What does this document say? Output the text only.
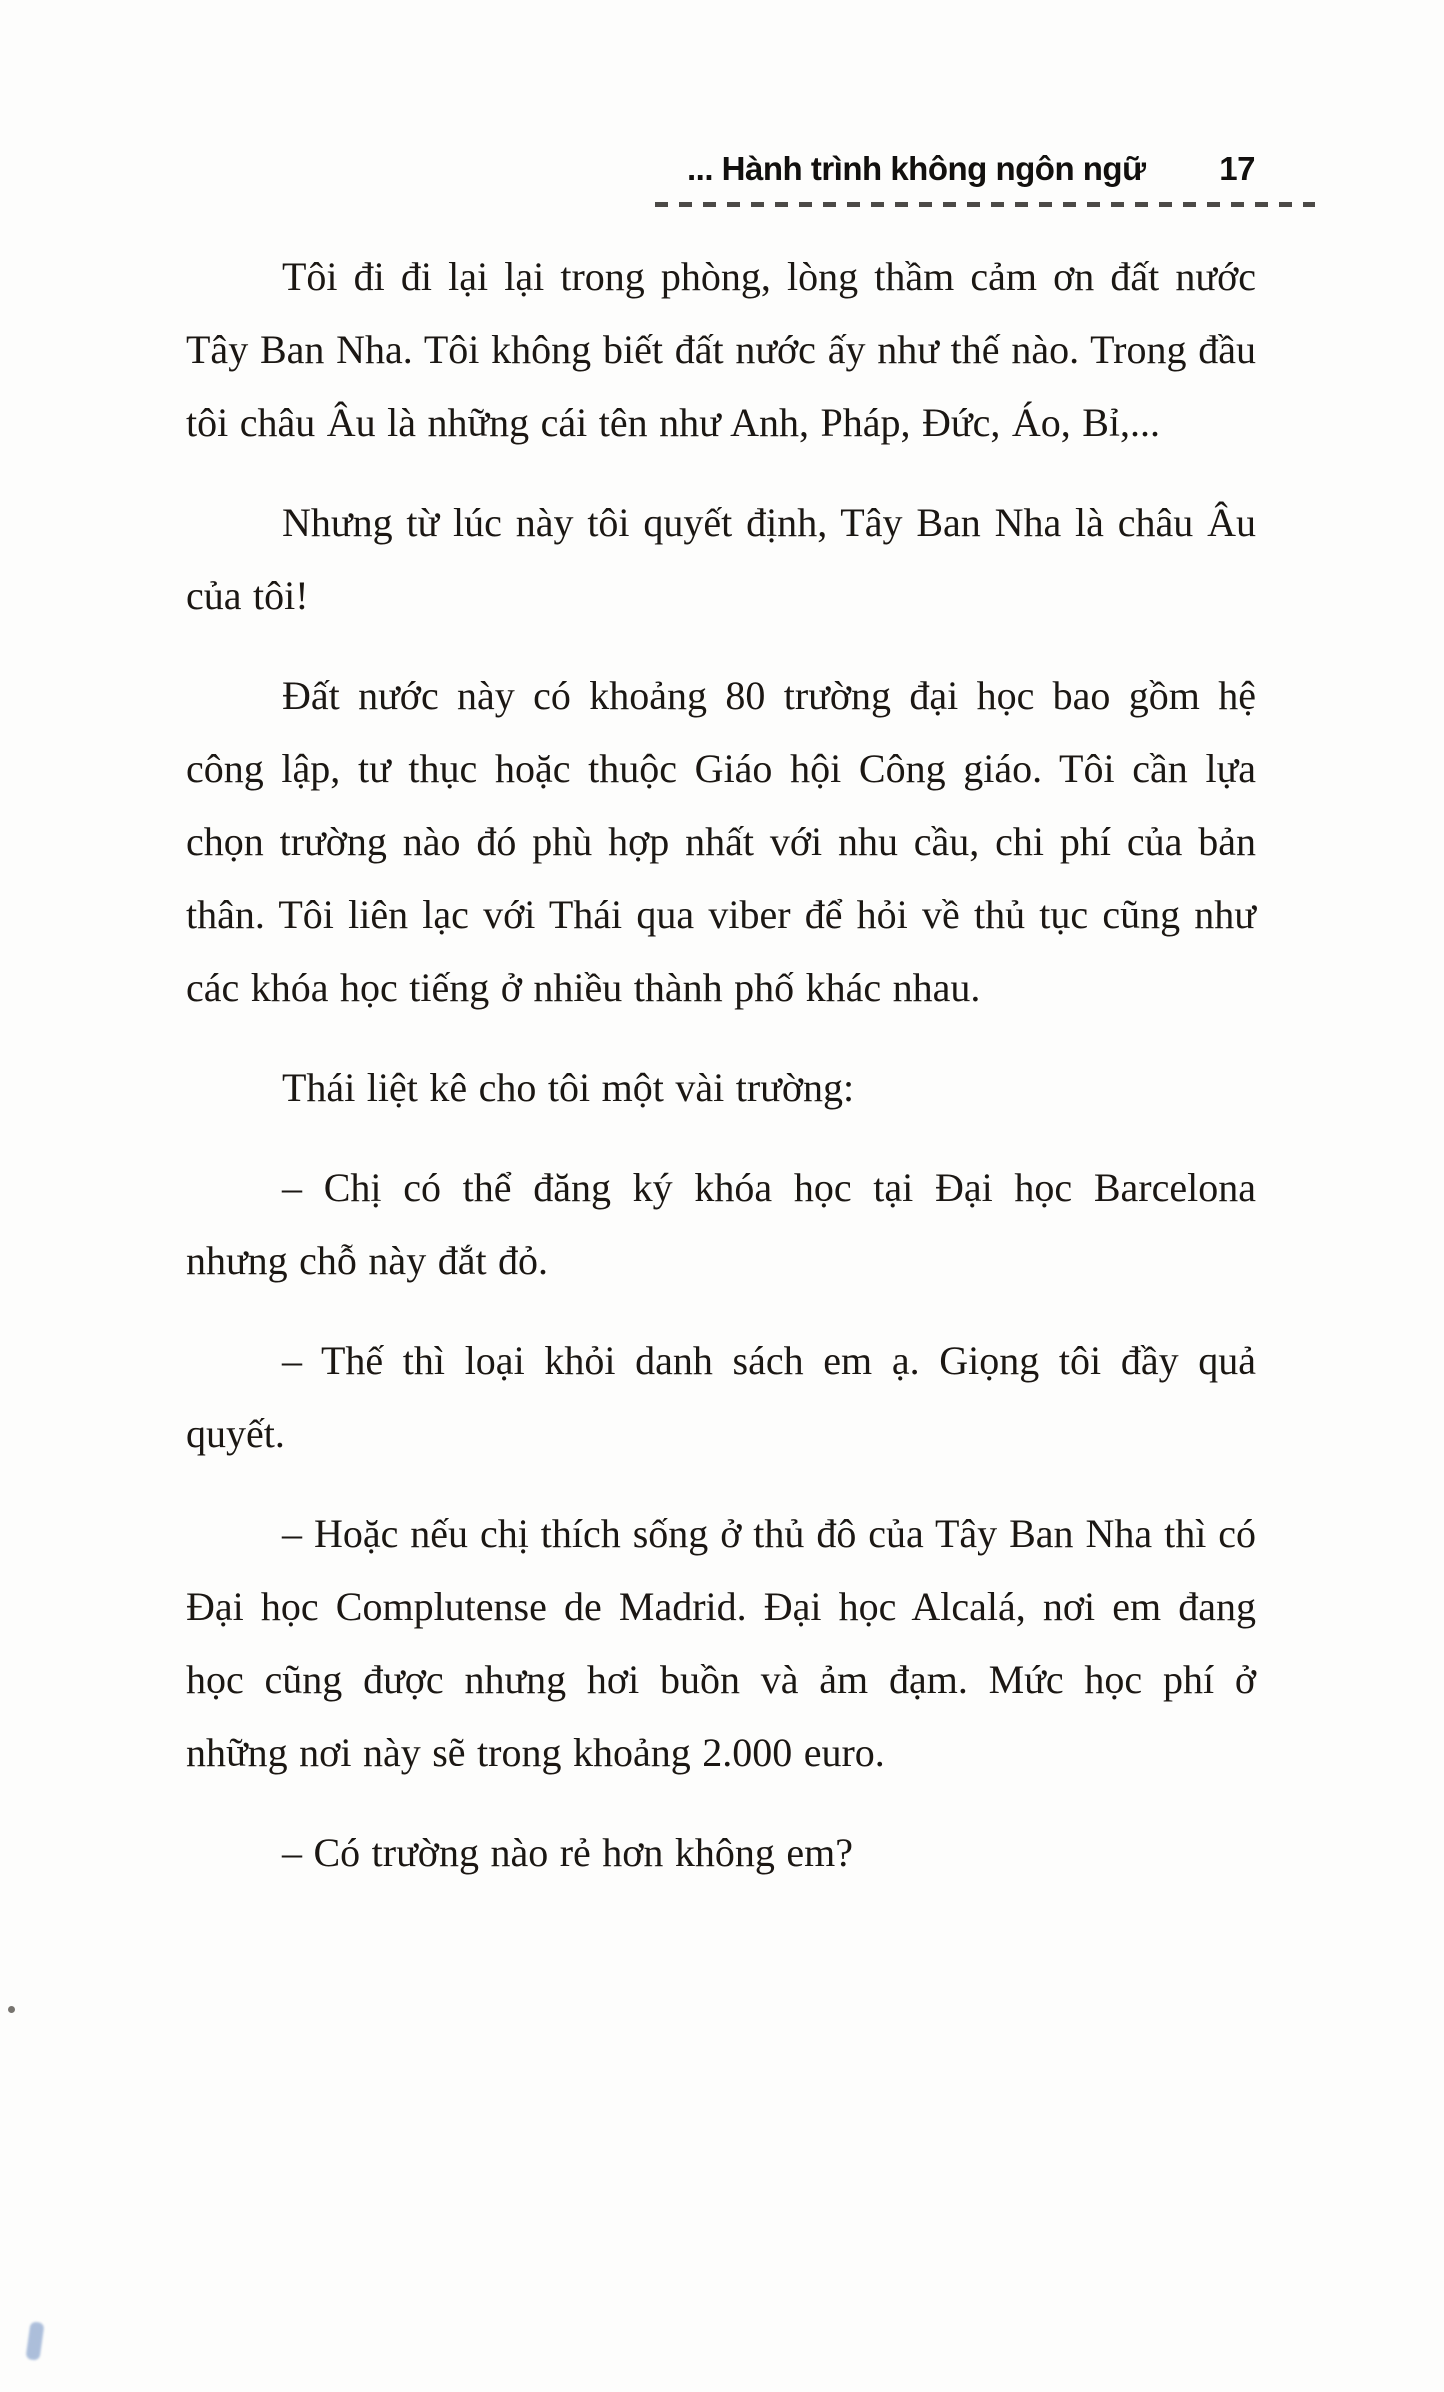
... Hành trình không ngôn ngữ 17

Tôi đi đi lại lại trong phòng, lòng thầm cảm ơn đất nước Tây Ban Nha. Tôi không biết đất nước ấy như thế nào. Trong đầu tôi châu Âu là những cái tên như Anh, Pháp, Đức, Áo, Bỉ,...

Nhưng từ lúc này tôi quyết định, Tây Ban Nha là châu Âu của tôi!

Đất nước này có khoảng 80 trường đại học bao gồm hệ công lập, tư thục hoặc thuộc Giáo hội Công giáo. Tôi cần lựa chọn trường nào đó phù hợp nhất với nhu cầu, chi phí của bản thân. Tôi liên lạc với Thái qua viber để hỏi về thủ tục cũng như các khóa học tiếng ở nhiều thành phố khác nhau.

Thái liệt kê cho tôi một vài trường:

– Chị có thể đăng ký khóa học tại Đại học Barcelona nhưng chỗ này đắt đỏ.

– Thế thì loại khỏi danh sách em ạ. Giọng tôi đầy quả quyết.

– Hoặc nếu chị thích sống ở thủ đô của Tây Ban Nha thì có Đại học Complutense de Madrid. Đại học Alcalá, nơi em đang học cũng được nhưng hơi buồn và ảm đạm. Mức học phí ở những nơi này sẽ trong khoảng 2.000 euro.

– Có trường nào rẻ hơn không em?
